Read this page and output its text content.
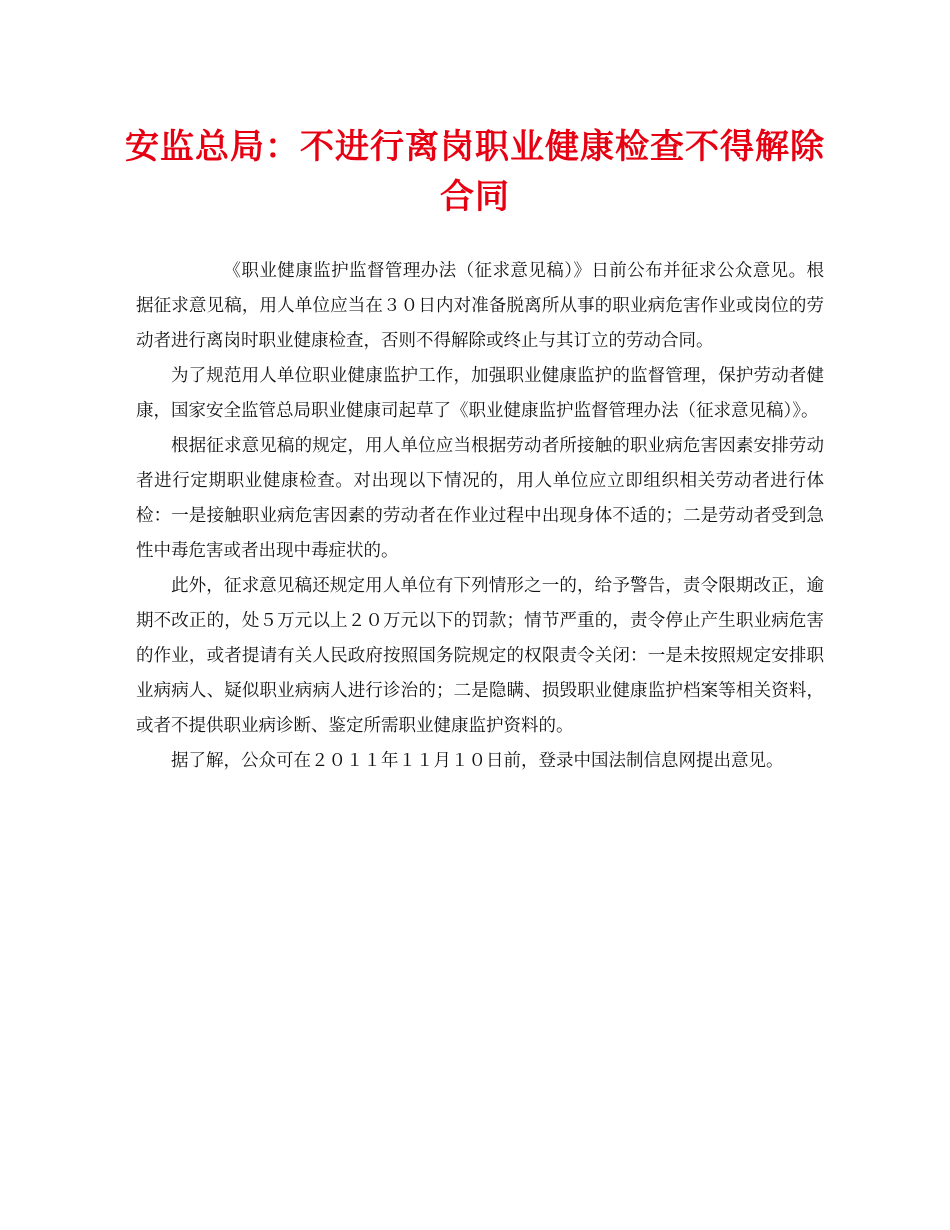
安监总局：不进行离岗职业健康检查不得解除合同

《职业健康监护监督管理办法（征求意见稿）》日前公布并征求公众意见。根据征求意见稿，用人单位应当在３０日内对准备脱离所从事的职业病危害作业或岗位的劳动者进行离岗时职业健康检查，否则不得解除或终止与其订立的劳动合同。

为了规范用人单位职业健康监护工作，加强职业健康监护的监督管理，保护劳动者健康，国家安全监管总局职业健康司起草了《职业健康监护监督管理办法（征求意见稿）》。

根据征求意见稿的规定，用人单位应当根据劳动者所接触的职业病危害因素安排劳动者进行定期职业健康检查。对出现以下情况的，用人单位应立即组织相关劳动者进行体检：一是接触职业病危害因素的劳动者在作业过程中出现身体不适的；二是劳动者受到急性中毒危害或者出现中毒症状的。

此外，征求意见稿还规定用人单位有下列情形之一的，给予警告，责令限期改正，逾期不改正的，处５万元以上２０万元以下的罚款；情节严重的，责令停止产生职业病危害的作业，或者提请有关人民政府按照国务院规定的权限责令关闭：一是未按照规定安排职业病病人、疑似职业病病人进行诊治的；二是隐瞒、损毁职业健康监护档案等相关资料，或者不提供职业病诊断、鉴定所需职业健康监护资料的。

据了解，公众可在２０１１年１１月１０日前，登录中国法制信息网提出意见。
